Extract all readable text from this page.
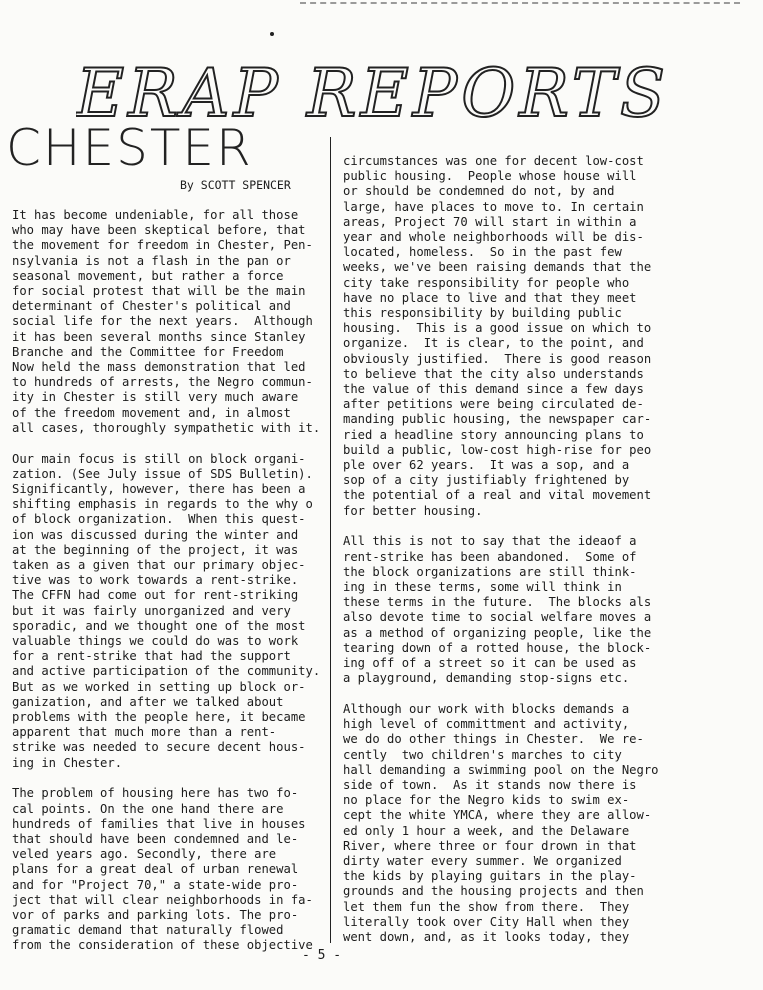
ERAP REPORTS
CHESTER
By SCOTT SPENCER

It has become undeniable, for all those
who may have been skeptical before, that
the movement for freedom in Chester, Pen-
nsylvania is not a flash in the pan or
seasonal movement, but rather a force
for social protest that will be the main
determinant of Chester's political and
social life for the next years.  Although
it has been several months since Stanley
Branche and the Committee for Freedom
Now held the mass demonstration that led
to hundreds of arrests, the Negro commun-
ity in Chester is still very much aware
of the freedom movement and, in almost
all cases, thoroughly sympathetic with it.

Our main focus is still on block organi-
zation. (See July issue of SDS Bulletin).
Significantly, however, there has been a
shifting emphasis in regards to the why o
of block organization.  When this quest-
ion was discussed during the winter and
at the beginning of the project, it was
taken as a given that our primary objec-
tive was to work towards a rent-strike.
The CFFN had come out for rent-striking
but it was fairly unorganized and very
sporadic, and we thought one of the most
valuable things we could do was to work
for a rent-strike that had the support
and active participation of the community.
But as we worked in setting up block or-
ganization, and after we talked about
problems with the people here, it became
apparent that much more than a rent-
strike was needed to secure decent hous-
ing in Chester.

The problem of housing here has two fo-
cal points. On the one hand there are
hundreds of families that live in houses
that should have been condemned and le-
veled years ago. Secondly, there are
plans for a great deal of urban renewal
and for "Project 70," a state-wide pro-
ject that will clear neighborhoods in fa-
vor of parks and parking lots. The pro-
gramatic demand that naturally flowed
from the consideration of these objective

circumstances was one for decent low-cost
public housing.  People whose house will
or should be condemned do not, by and
large, have places to move to. In certain
areas, Project 70 will start in within a
year and whole neighborhoods will be dis-
located, homeless.  So in the past few
weeks, we've been raising demands that the
city take responsibility for people who
have no place to live and that they meet
this responsibility by building public
housing.  This is a good issue on which to
organize.  It is clear, to the point, and
obviously justified.  There is good reason
to believe that the city also understands
the value of this demand since a few days
after petitions were being circulated de-
manding public housing, the newspaper car-
ried a headline story announcing plans to
build a public, low-cost high-rise for peo
ple over 62 years.  It was a sop, and a
sop of a city justifiably frightened by
the potential of a real and vital movement
for better housing.

All this is not to say that the ideaof a
rent-strike has been abandoned.  Some of
the block organizations are still think-
ing in these terms, some will think in
these terms in the future.  The blocks als
also devote time to social welfare moves a
as a method of organizing people, like the
tearing down of a rotted house, the block-
ing off of a street so it can be used as
a playground, demanding stop-signs etc.

Although our work with blocks demands a
high level of committment and activity,
we do do other things in Chester.  We re-
cently  two children's marches to city
hall demanding a swimming pool on the Negro
side of town.  As it stands now there is
no place for the Negro kids to swim ex-
cept the white YMCA, where they are allow-
ed only 1 hour a week, and the Delaware
River, where three or four drown in that
dirty water every summer. We organized
the kids by playing guitars in the play-
grounds and the housing projects and then
let them fun the show from there.  They
literally took over City Hall when they
went down, and, as it looks today, they

- 5 -
